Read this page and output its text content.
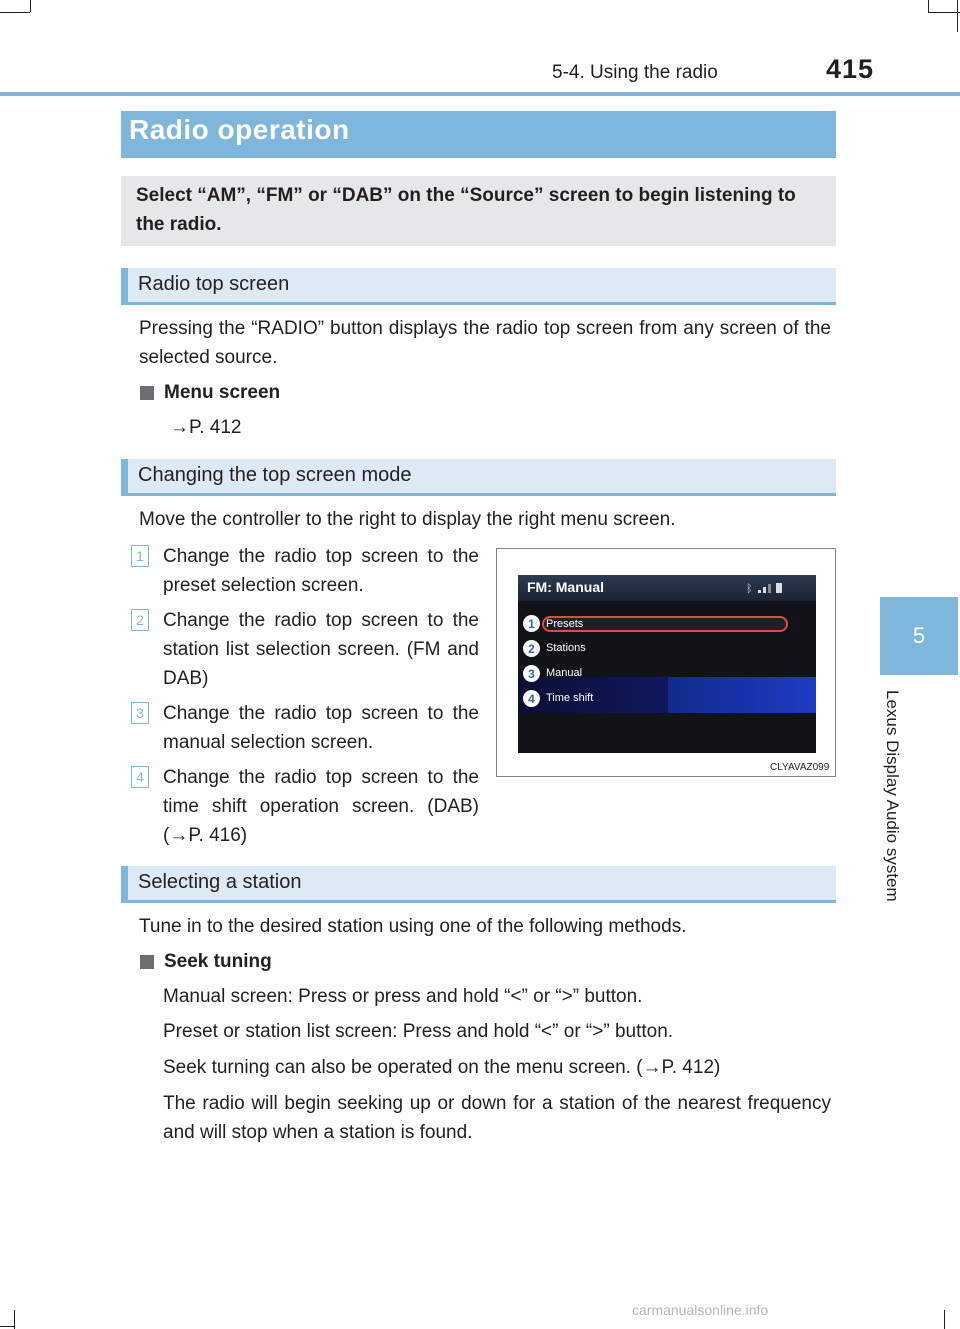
5-4. Using the radio	415
5
Lexus Display Audio system
Radio operation
Select “AM”, “FM” or “DAB” on the “Source” screen to begin listening to the radio.
Radio top screen
Pressing the “RADIO” button displays the radio top screen from any screen of the selected source.
Menu screen
→P. 412
Changing the top screen mode
Move the controller to the right to display the right menu screen.
1 Change the radio top screen to the preset selection screen.
2 Change the radio top screen to the station list selection screen. (FM and DAB)
3 Change the radio top screen to the manual selection screen.
4 Change the radio top screen to the time shift operation screen. (DAB) (→P. 416)
FM: Manual	ᛒ
1	Presets
2	Stations
3	Manual
4	Time shift
CLYAVAZ099
Selecting a station
Tune in to the desired station using one of the following methods.
Seek tuning
Manual screen: Press or press and hold “<” or “>” button.
Preset or station list screen: Press and hold “<” or “>” button.
Seek turning can also be operated on the menu screen. (→P. 412)
The radio will begin seeking up or down for a station of the nearest frequency and will stop when a station is found.
carmanualsonline.info
